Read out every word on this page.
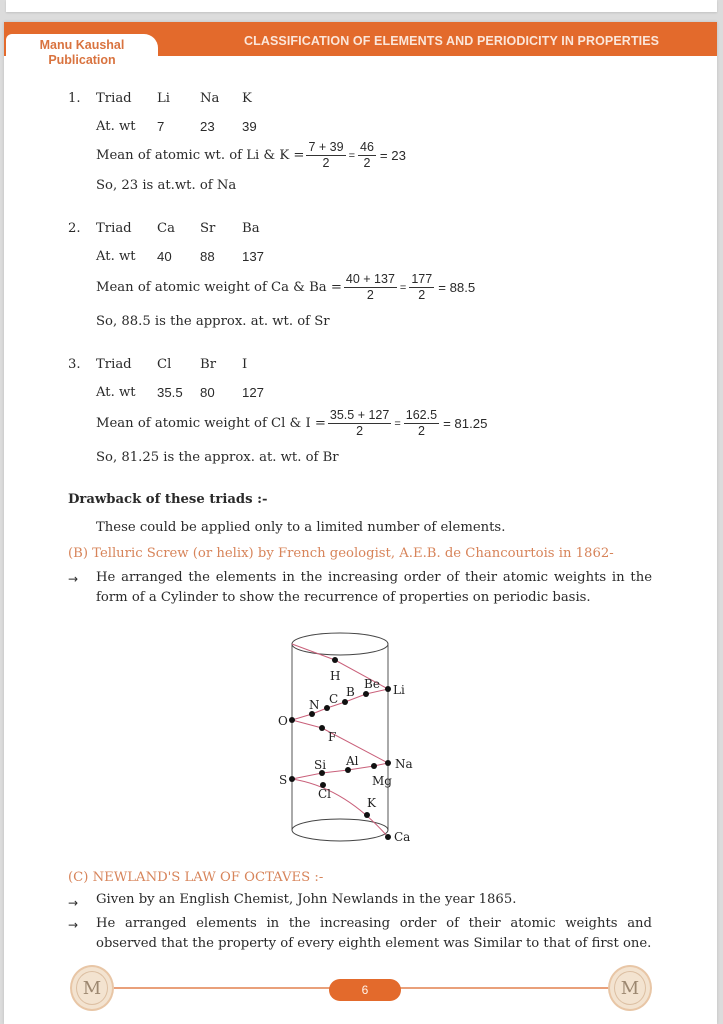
CLASSIFICATION OF ELEMENTS AND PERIODICITY IN PROPERTIES
Manu Kaushal
Publication
1. Triad Li Na K
At. wt 7	23 39
Mean of atomic wt. of Li & $K = \frac{7 + 39}{2} = \frac{46}{2} = 23$
So, 23 is at.wt. of Na
2. Triad Ca Sr Ba
At. wt 40 88 137
Mean of atomic weight of Ca & $Ba = \frac{40 + 137}{2} = \frac{177}{2} = 88.5$
So, 88.5 is the approx. at. wt. of Sr
3. Triad Cl Br I
At. wt 35.5 80 127
Mean of atomic weight of Cl & $I = \frac{35.5 + 127}{2} = \frac{162.5}{2} = 81.25$
So, 81.25 is the approx. at. wt. of Br
Drawback of these triads :-
These could be applied only to a limited number of elements.
(B) Telluric Screw (or helix) by French geologist, A.E.B. de Chancourtois in 1862-
→ He arranged the elements in the increasing order of their atomic weights in the form of a Cylinder to show the recurrence of properties on periodic basis.
H
Li
Be
B
C
N
O
F
Na
Mg
Al
Si
S
Cl
K
Ca
(C) NEWLAND'S LAW OF OCTAVES :-
→ Given by an English Chemist, John Newlands in the year 1865.
→ He arranged elements in the increasing order of their atomic weights and observed that the property of every eighth element was Similar to that of first one.
M	M
6
